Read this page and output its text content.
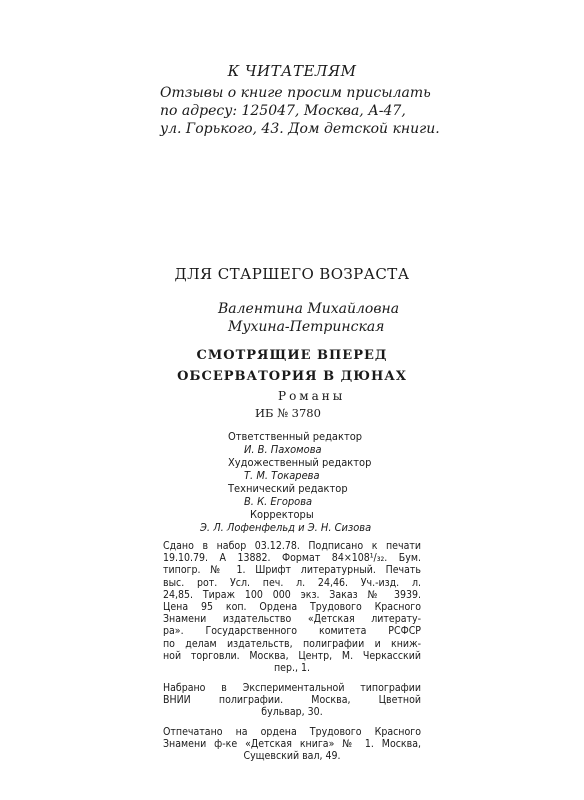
К ЧИТАТЕЛЯМ
Отзывы о книге просим присылать
по адресу: 125047, Москва, А-47,
ул. Горького, 43. Дом детской книги.
ДЛЯ СТАРШЕГО ВОЗРАСТА
Валентина Михайловна
Мухина-Петринская
СМОТРЯЩИЕ ВПЕРЕД
ОБСЕРВАТОРИЯ В ДЮНАХ
Романы
ИБ № 3780
Ответственный редактор
И. В. Пахомова
Художественный редактор
Т. М. Токарева
Технический редактор
В. К. Егорова
Корректоры
Э. Л. Лофенфельд и Э. Н. Сизова
Сдано в набор 03.12.78. Подписано к печати
19.10.79. А 13882. Формат 84×108¹/₃₂. Бум.
типогр. № 1. Шрифт литературный. Печать
выс. рот. Усл. печ. л. 24,46. Уч.-изд. л.
24,85. Тираж 100 000 экз. Заказ № 3939.
Цена 95 коп. Ордена Трудового Красного
Знамени издательство «Детская литерату-
ра». Государственного комитета РСФСР
по делам издательств, полиграфии и книж-
ной торговли. Москва, Центр, М. Черкасский
пер., 1.
Набрано в Экспериментальной типографии
ВНИИ полиграфии. Москва, Цветной
бульвар, 30.
Отпечатано на ордена Трудового Красного
Знамени ф-ке «Детская книга» № 1. Москва,
Сущевский вал, 49.
